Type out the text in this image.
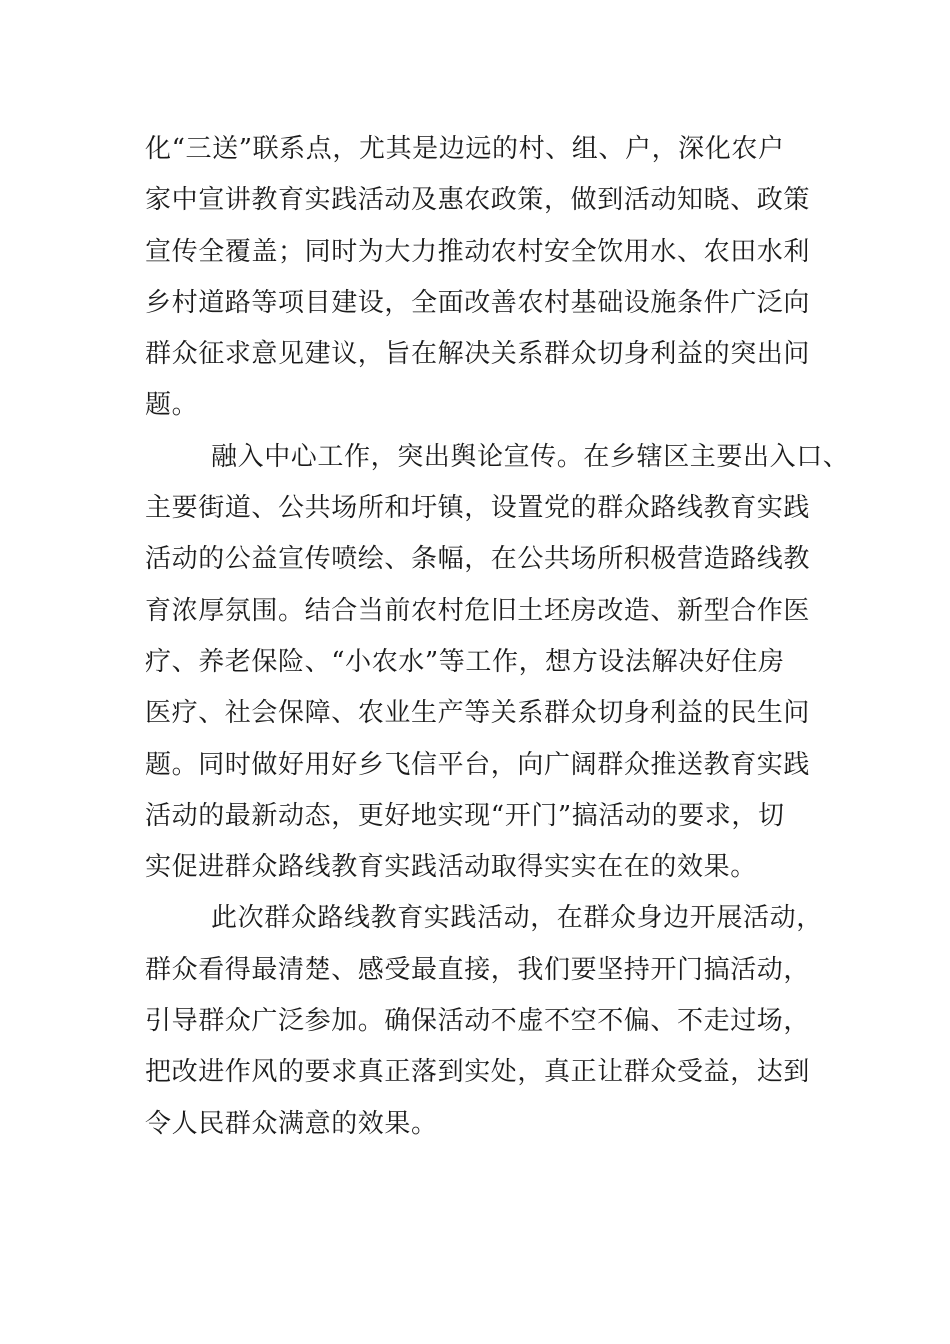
化“三送”联系点，尤其是边远的村、组、户，深化农户
家中宣讲教育实践活动及惠农政策，做到活动知晓、政策
宣传全覆盖；同时为大力推动农村安全饮用水、农田水利
乡村道路等项目建设，全面改善农村基础设施条件广泛向
群众征求意见建议，旨在解决关系群众切身利益的突出问
题。
融入中心工作，突出舆论宣传。在乡辖区主要出入口、
主要街道、公共场所和圩镇，设置党的群众路线教育实践
活动的公益宣传喷绘、条幅，在公共场所积极营造路线教
育浓厚氛围。结合当前农村危旧土坯房改造、新型合作医
疗、养老保险、“小农水”等工作，想方设法解决好住房
医疗、社会保障、农业生产等关系群众切身利益的民生问
题。同时做好用好乡飞信平台，向广阔群众推送教育实践
活动的最新动态，更好地实现“开门”搞活动的要求，切
实促进群众路线教育实践活动取得实实在在的效果。
此次群众路线教育实践活动，在群众身边开展活动，
群众看得最清楚、感受最直接，我们要坚持开门搞活动，
引导群众广泛参加。确保活动不虚不空不偏、不走过场，
把改进作风的要求真正落到实处，真正让群众受益，达到
令人民群众满意的效果。
